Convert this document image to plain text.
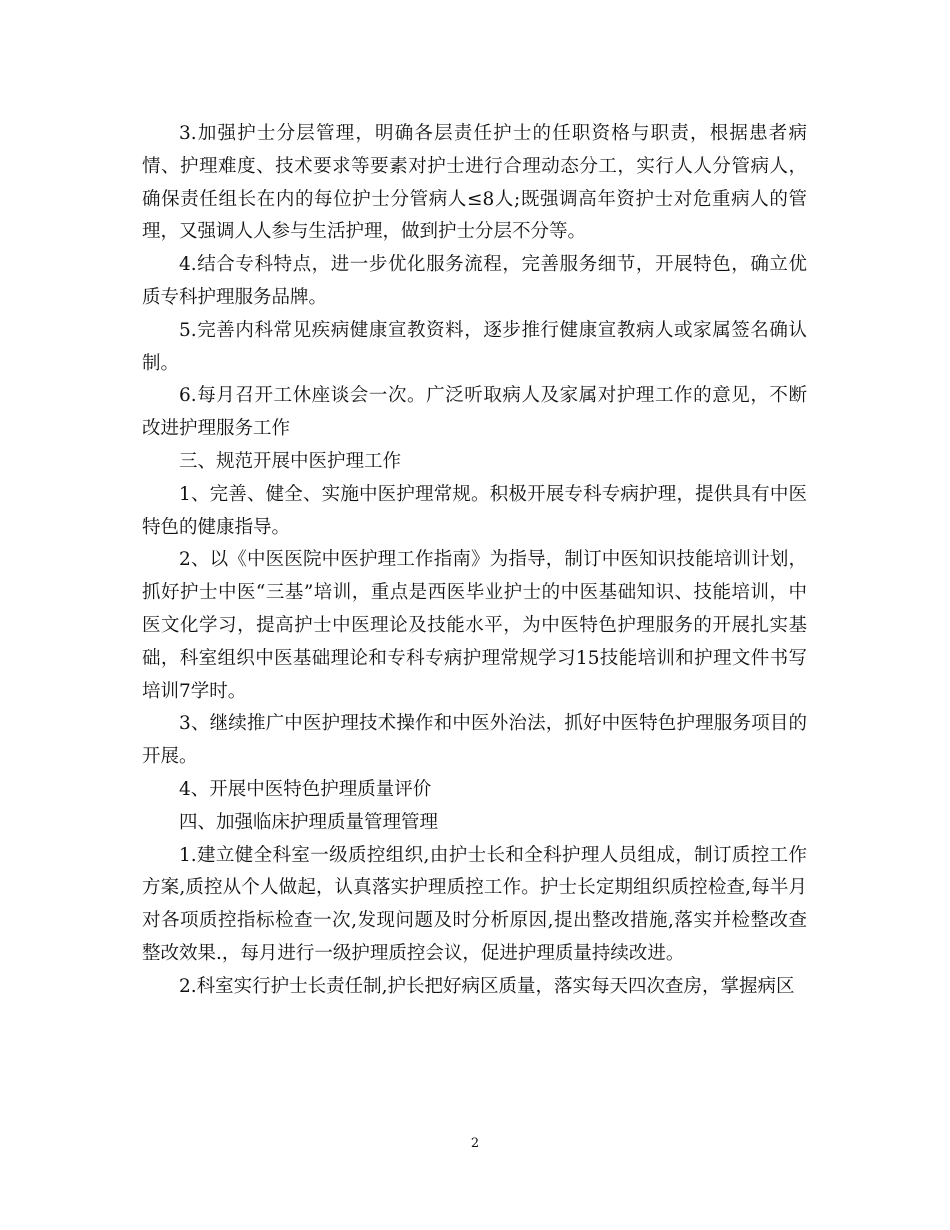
3.加强护士分层管理，明确各层责任护士的任职资格与职责，根据患者病情、护理难度、技术要求等要素对护士进行合理动态分工，实行人人分管病人，确保责任组长在内的每位护士分管病人≤8人;既强调高年资护士对危重病人的管理，又强调人人参与生活护理，做到护士分层不分等。

4.结合专科特点，进一步优化服务流程，完善服务细节，开展特色，确立优质专科护理服务品牌。

5.完善内科常见疾病健康宣教资料，逐步推行健康宣教病人或家属签名确认制。

6.每月召开工休座谈会一次。广泛听取病人及家属对护理工作的意见，不断改进护理服务工作

三、规范开展中医护理工作

1、完善、健全、实施中医护理常规。积极开展专科专病护理，提供具有中医特色的健康指导。

2、以《中医医院中医护理工作指南》为指导，制订中医知识技能培训计划，抓好护士中医“三基”培训，重点是西医毕业护士的中医基础知识、技能培训，中医文化学习，提高护士中医理论及技能水平，为中医特色护理服务的开展扎实基础，科室组织中医基础理论和专科专病护理常规学习15技能培训和护理文件书写培训7学时。

3、继续推广中医护理技术操作和中医外治法，抓好中医特色护理服务项目的开展。

4、开展中医特色护理质量评价

四、加强临床护理质量管理管理

1.建立健全科室一级质控组织,由护士长和全科护理人员组成，制订质控工作方案,质控从个人做起，认真落实护理质控工作。护士长定期组织质控检查,每半月对各项质控指标检查一次,发现问题及时分析原因,提出整改措施,落实并检整改查整改效果.，每月进行一级护理质控会议，促进护理质量持续改进。

2.科室实行护士长责任制,护长把好病区质量，落实每天四次查房，掌握病区

2
